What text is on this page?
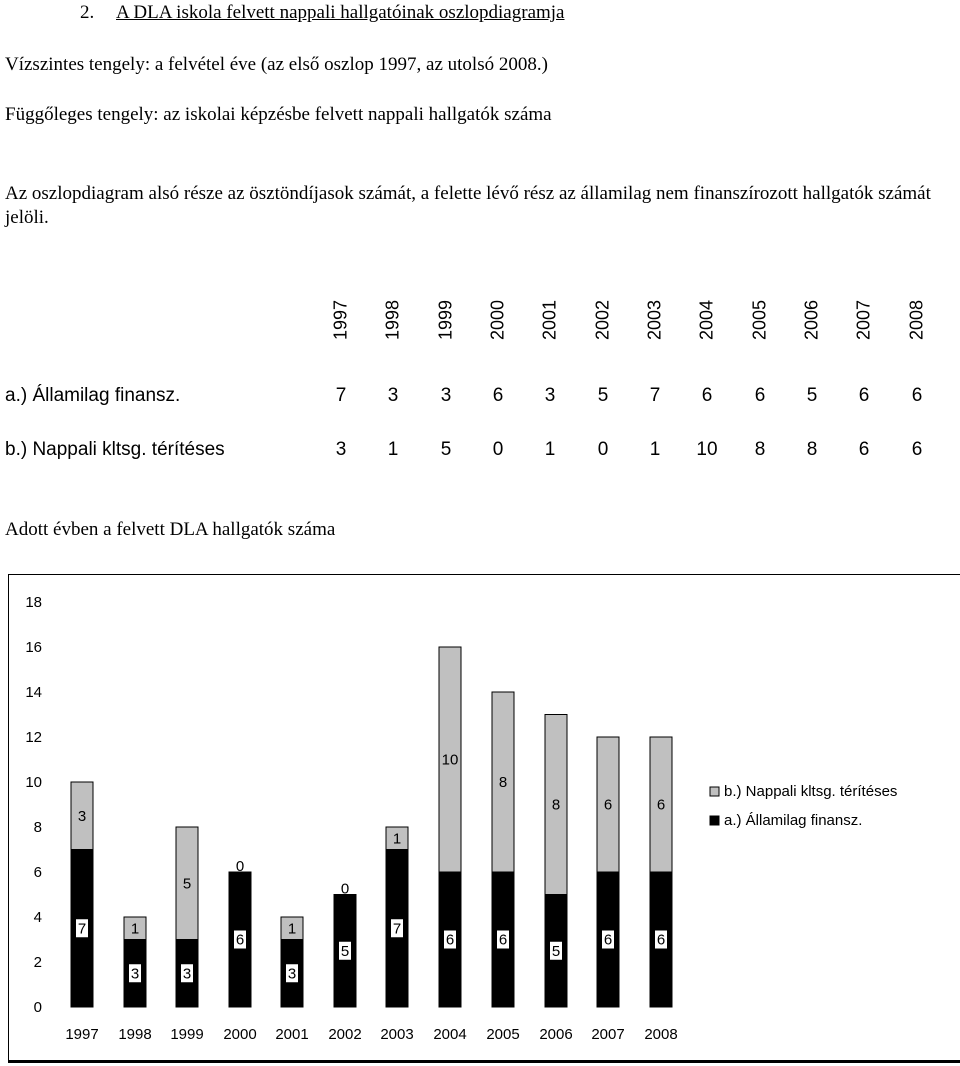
2. A DLA iskola felvett nappali hallgatóinak oszlopdiagramja
Vízszintes tengely: a felvétel éve (az első oszlop 1997, az utolsó 2008.)
Függőleges tengely: az iskolai képzésbe felvett nappali hallgatók száma
Az oszlopdiagram alsó része az ösztöndíjasok számát, a felette lévő rész az államilag nem finanszírozott hallgatók számát jelöli.
1997 1998 1999 2000 2001 2002 2003 2004 2005 2006 2007 2008
a.) Államilag finansz.	7	3	3	6	3	5	7	6	6	5	6	6
b.) Nappali kltsg. térítéses	3	1	5	0	1	0	1	10	8	8	6	6
Adott évben a felvett DLA hallgatók száma
0
2
4
6
8
10
12
14
16
18
7
3
1997
3
1
1998
3
5
1999
6
0
2000
3
1
2001
5
0
2002
7
1
2003
6
10
2004
6
8
2005
5
8
2006
6
6
2007
6
6
2008
b.) Nappali kltsg. térítéses
a.) Államilag finansz.
